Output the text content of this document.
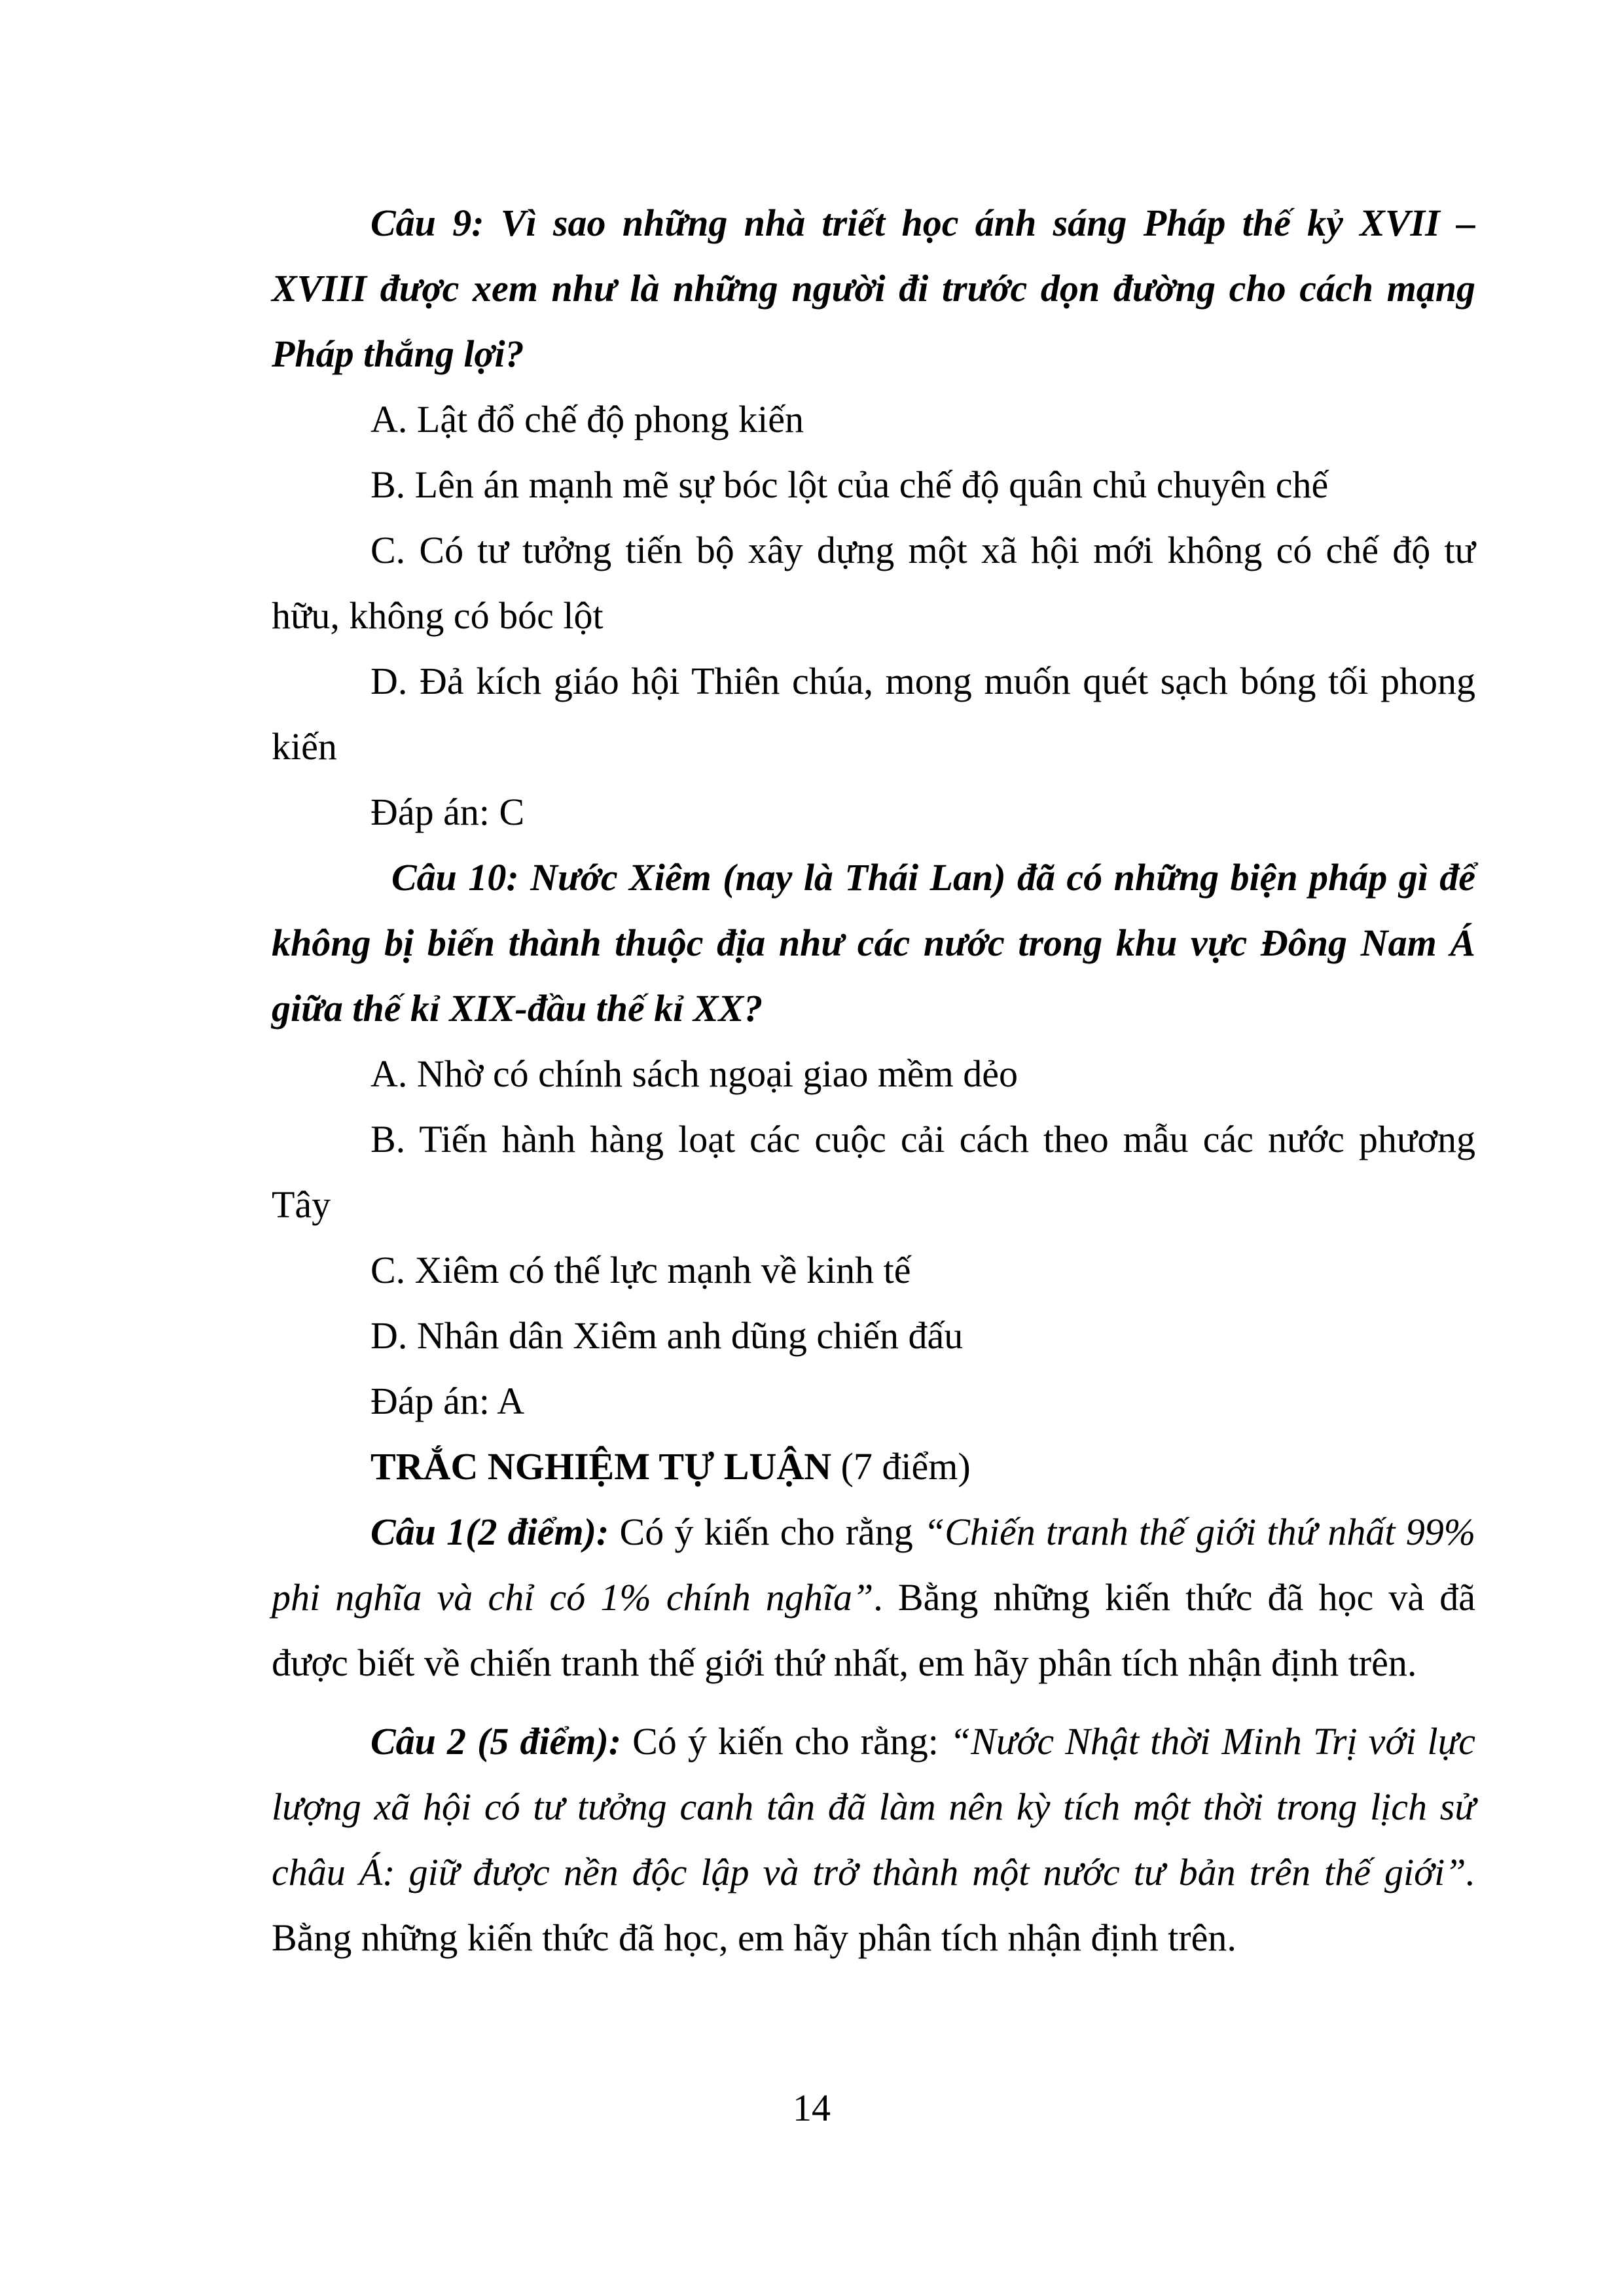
Câu 9: Vì sao những nhà triết học ánh sáng Pháp thế kỷ XVII –
XVIII được xem như là những người đi trước dọn đường cho cách mạng
Pháp thắng lợi?
A. Lật đổ chế độ phong kiến
B. Lên án mạnh mẽ sự bóc lột của chế độ quân chủ chuyên chế
C. Có tư tưởng tiến bộ xây dựng một xã hội mới không có chế độ tư
hữu, không có bóc lột
D. Đả kích giáo hội Thiên chúa, mong muốn quét sạch bóng tối phong
kiến
Đáp án: C
Câu 10: Nước Xiêm (nay là Thái Lan) đã có những biện pháp gì để
không bị biến thành thuộc địa như các nước trong khu vực Đông Nam Á
giữa thế kỉ XIX-đầu thế kỉ XX?
A. Nhờ có chính sách ngoại giao mềm dẻo
B. Tiến hành hàng loạt các cuộc cải cách theo mẫu các nước phương
Tây
C. Xiêm có thế lực mạnh về kinh tế
D. Nhân dân Xiêm anh dũng chiến đấu
Đáp án: A
TRẮC NGHIỆM TỰ LUẬN (7 điểm)
Câu 1(2 điểm): Có ý kiến cho rằng “Chiến tranh thế giới thứ nhất 99%
phi nghĩa và chỉ có 1% chính nghĩa”. Bằng những kiến thức đã học và đã
được biết về chiến tranh thế giới thứ nhất, em hãy phân tích nhận định trên.
Câu 2 (5 điểm): Có ý kiến cho rằng: “Nước Nhật thời Minh Trị với lực
lượng xã hội có tư tưởng canh tân đã làm nên kỳ tích một thời trong lịch sử
châu Á: giữ được nền độc lập và trở thành một nước tư bản trên thế giới”.
Bằng những kiến thức đã học, em hãy phân tích nhận định trên.
14
